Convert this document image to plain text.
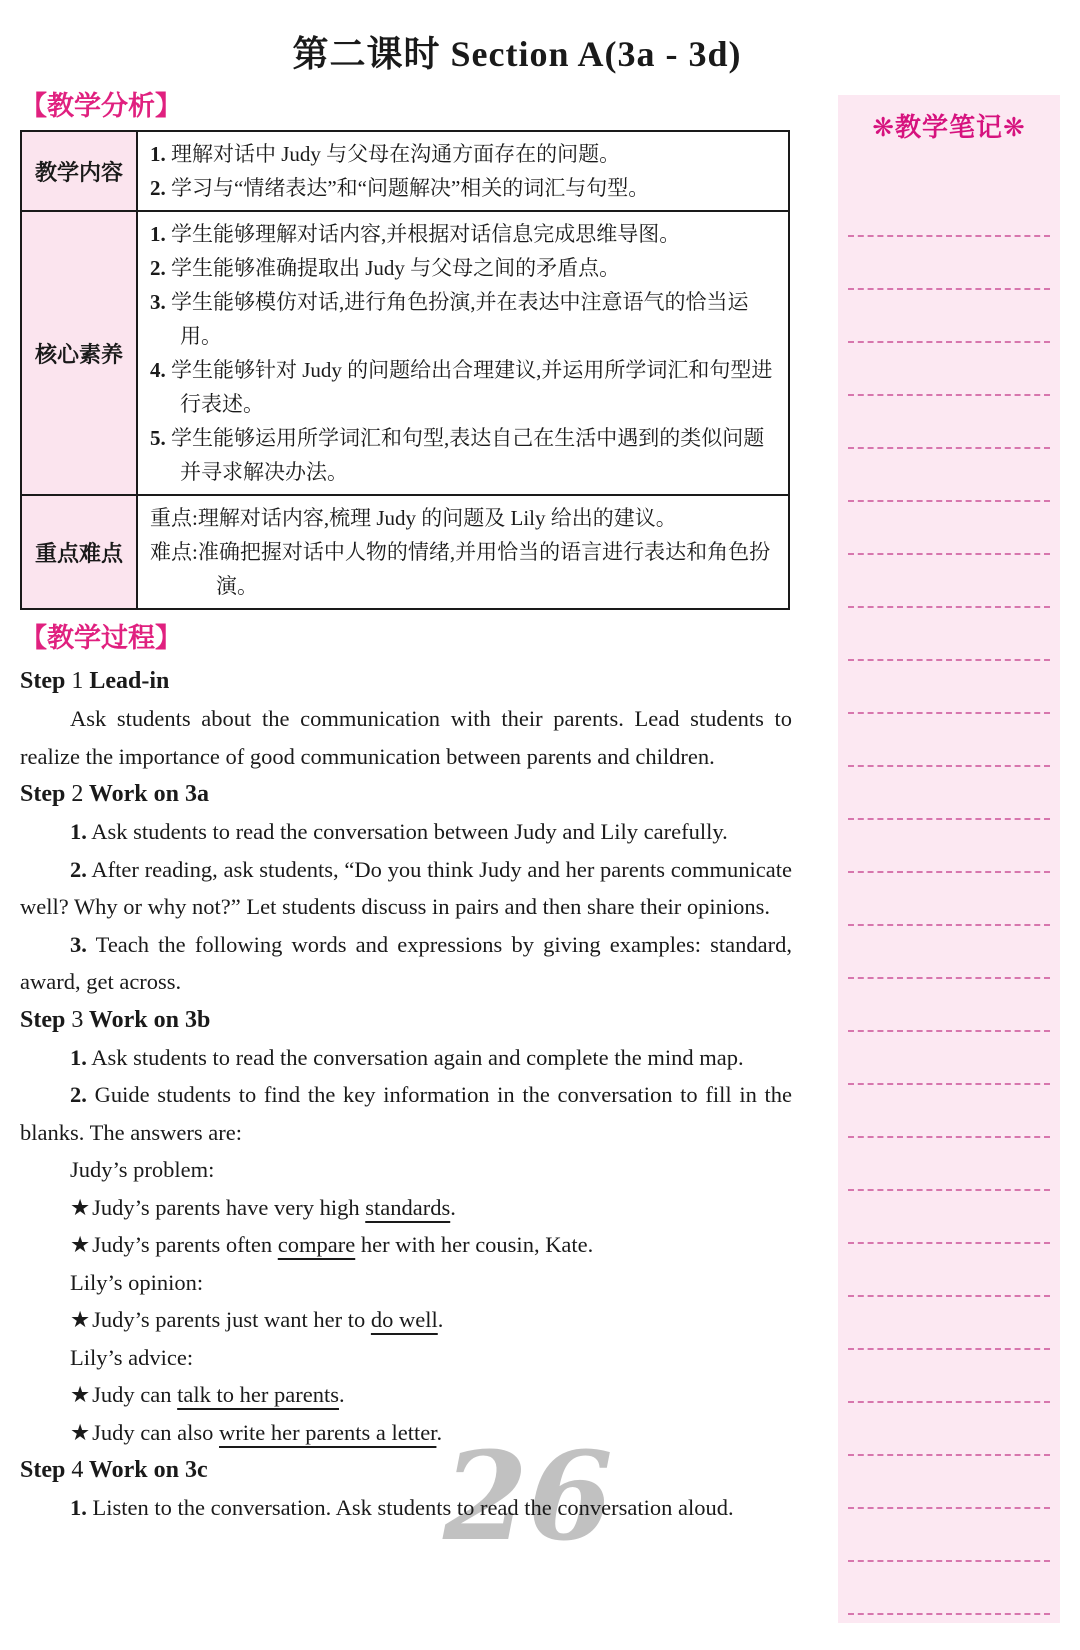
26
第二课时 Section A(3a - 3d)
❋教学笔记❋
【教学分析】
教学内容	1. 理解对话中 Judy 与父母在沟通方面存在的问题。
2. 学习与“情绪表达”和“问题解决”相关的词汇与句型。

核心素养	1. 学生能够理解对话内容,并根据对话信息完成思维导图。
2. 学生能够准确提取出 Judy 与父母之间的矛盾点。
3. 学生能够模仿对话,进行角色扮演,并在表达中注意语气的恰当运用。
4. 学生能够针对 Judy 的问题给出合理建议,并运用所学词汇和句型进行表述。
5. 学生能够运用所学词汇和句型,表达自己在生活中遇到的类似问题并寻求解决办法。

重点难点	重点:理解对话内容,梳理 Judy 的问题及 Lily 给出的建议。
难点:准确把握对话中人物的情绪,并用恰当的语言进行表达和角色扮演。
【教学过程】
Step 1 Lead-in

Ask students about the communication with their parents. Lead students to realize the importance of good communication between parents and children.

Step 2 Work on 3a

1. Ask students to read the conversation between Judy and Lily carefully.

2. After reading, ask students, “Do you think Judy and her parents communicate well? Why or why not?” Let students discuss in pairs and then share their opinions.

3. Teach the following words and expressions by giving examples: standard, award, get across.

Step 3 Work on 3b

1. Ask students to read the conversation again and complete the mind map.

2. Guide students to find the key information in the conversation to fill in the blanks. The answers are:

Judy’s problem:

★Judy’s parents have very high standards.

★Judy’s parents often compare her with her cousin, Kate.

Lily’s opinion:

★Judy’s parents just want her to do well.

Lily’s advice:

★Judy can talk to her parents.

★Judy can also write her parents a letter.

Step 4 Work on 3c

1. Listen to the conversation. Ask students to read the conversation aloud.
